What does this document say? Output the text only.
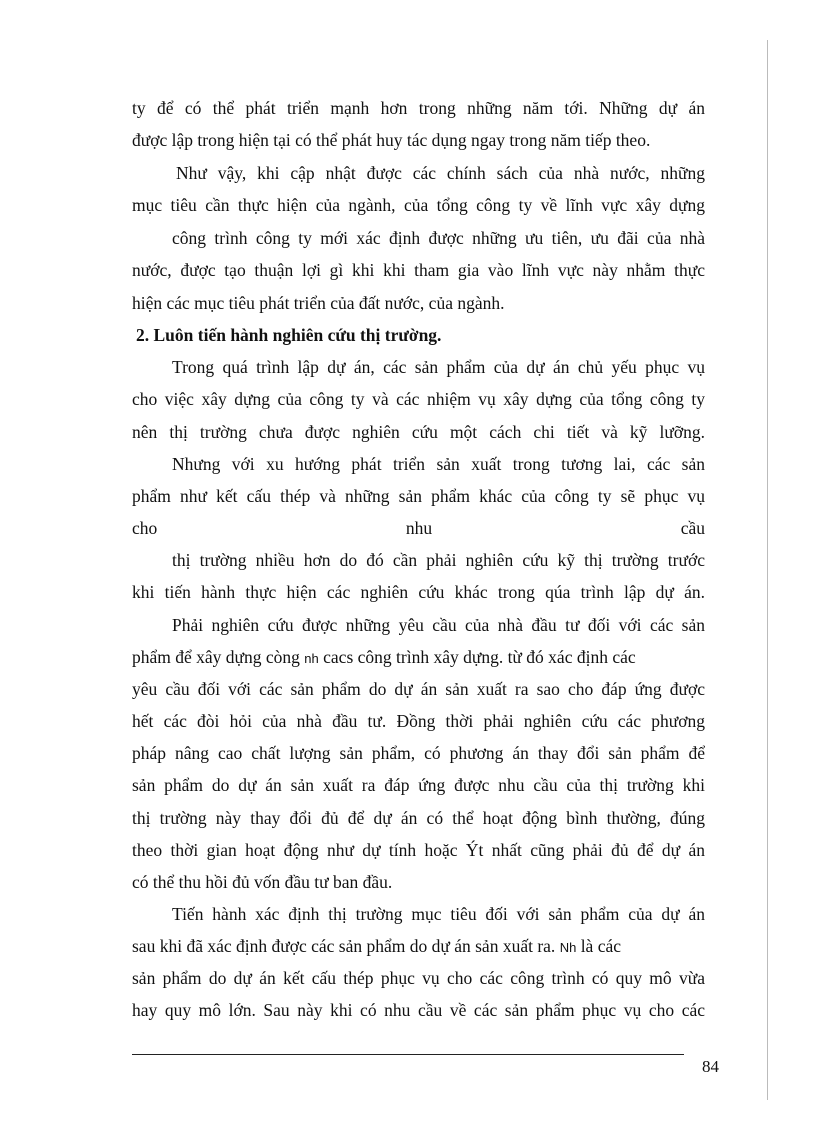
ty để có thể phát triển mạnh hơn trong những năm tới. Những dự án
được lập trong hiện tại có thể phát huy tác dụng ngay trong năm tiếp theo.
Như vậy, khi cập nhật được các chính sách của nhà nước, những
mục tiêu cần thực hiện của ngành, của tổng công ty về lĩnh vực xây dựng
công trình công ty mới xác định được những ưu tiên, ưu đãi của nhà
nước, được tạo thuận lợi gì khi khi tham gia vào lĩnh vực này nhằm thực
hiện các mục tiêu phát triển của đất nước, của ngành.
2. Luôn tiến hành nghiên cứu thị trường.
Trong quá trình lập dự án, các sản phẩm của dự án chủ yếu phục vụ
cho việc xây dựng của công ty và các nhiệm vụ xây dựng của tổng công ty
nên thị trường chưa được nghiên cứu một cách chi tiết và kỹ lưỡng.
Nhưng với xu hướng phát triển sản xuất trong tương lai, các sản
phẩm như kết cấu thép và những sản phẩm khác của công ty sẽ phục vụ
cho	nhu	cầu
thị trường nhiều hơn do đó cần phải nghiên cứu kỹ thị trường trước
khi tiến hành thực hiện các nghiên cứu khác trong qúa trình lập dự án.
Phải nghiên cứu được những yêu cầu của nhà đầu tư đối với các sản
phẩm để xây dựng còng nh cacs công trình xây dựng. từ đó xác định các
yêu cầu đối với các sản phẩm do dự án sản xuất ra sao cho đáp ứng được
hết các đòi hỏi của nhà đầu tư. Đồng thời phải nghiên cứu các phương
pháp nâng cao chất lượng sản phẩm, có phương án thay đổi sản phẩm để
sản phẩm do dự án sản xuất ra đáp ứng được nhu cầu của thị trường khi
thị trường này thay đổi đủ để dự án có thể hoạt động bình thường, đúng
theo thời gian hoạt động như dự tính hoặc Ýt nhất cũng phải đủ để dự án
có thể thu hồi đủ vốn đầu tư ban đầu.
Tiến hành xác định thị trường mục tiêu đối với sản phẩm của dự án
sau khi đã xác định được các sản phẩm do dự án sản xuất ra. Nh là các
sản phẩm do dự án kết cấu thép phục vụ cho các công trình có quy mô vừa
hay quy mô lớn. Sau này khi có nhu cầu về các sản phẩm phục vụ cho các
84
